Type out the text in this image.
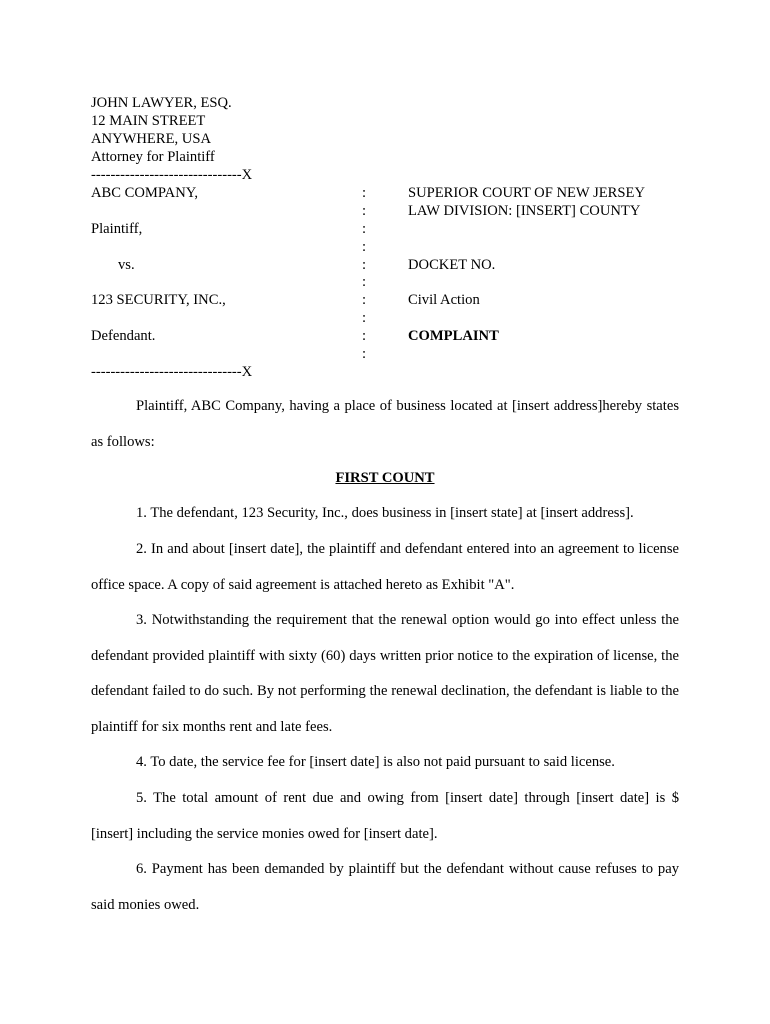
JOHN LAWYER, ESQ.
12 MAIN STREET
ANYWHERE, USA
Attorney for Plaintiff
-------------------------------X
ABC COMPANY,
Plaintiff,
vs.
123 SECURITY, INC.,
Defendant.
:
:
:
:
:
:
:
:
:
:
SUPERIOR COURT OF NEW JERSEY
LAW DIVISION: [INSERT] COUNTY
DOCKET NO.
Civil Action
COMPLAINT
-------------------------------X
Plaintiff, ABC Company, having a place of business located at [insert address]hereby states as follows:
FIRST COUNT
1. The defendant, 123 Security, Inc., does business in [insert state] at [insert address].
2. In and about [insert date], the plaintiff and defendant entered into an agreement to license office space. A copy of said agreement is attached hereto as Exhibit "A".
3. Notwithstanding the requirement that the renewal option would go into effect unless the defendant provided plaintiff with sixty (60) days written prior notice to the expiration of license, the defendant failed to do such. By not performing the renewal declination, the defendant is liable to the plaintiff for six months rent and late fees.
4. To date, the service fee for [insert date] is also not paid pursuant to said license.
5. The total amount of rent due and owing from [insert date] through [insert date] is $ [insert] including the service monies owed for [insert date].
6. Payment has been demanded by plaintiff but the defendant without cause refuses to pay said monies owed.
